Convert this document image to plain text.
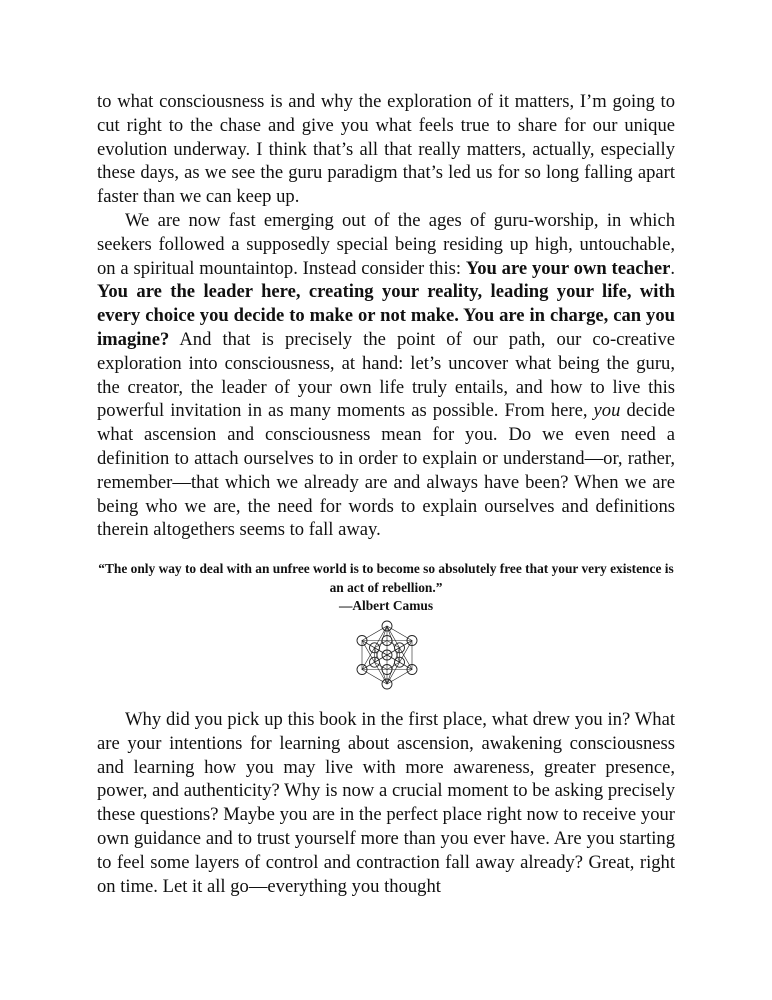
to what consciousness is and why the exploration of it matters, I’m going to cut right to the chase and give you what feels true to share for our unique evolution underway. I think that’s all that really matters, actually, especially these days, as we see the guru paradigm that’s led us for so long falling apart faster than we can keep up.

We are now fast emerging out of the ages of guru-worship, in which seekers followed a supposedly special being residing up high, untouchable, on a spiritual mountaintop. Instead consider this: You are your own teacher. You are the leader here, creating your reality, leading your life, with every choice you decide to make or not make. You are in charge, can you imagine? And that is precisely the point of our path, our co-creative exploration into consciousness, at hand: let’s uncover what being the guru, the creator, the leader of your own life truly entails, and how to live this powerful invitation in as many moments as possible. From here, you decide what ascension and consciousness mean for you. Do we even need a definition to attach ourselves to in order to explain or understand—or, rather, remember—that which we already are and always have been? When we are being who we are, the need for words to explain ourselves and definitions therein altogethers seems to fall away.

“The only way to deal with an unfree world is to become so absolutely free that your very existence is an act of rebellion.”

—Albert Camus

Why did you pick up this book in the first place, what drew you in? What are your intentions for learning about ascension, awakening consciousness and learning how you may live with more awareness, greater presence, power, and authenticity? Why is now a crucial moment to be asking precisely these questions? Maybe you are in the perfect place right now to receive your own guidance and to trust yourself more than you ever have. Are you starting to feel some layers of control and contraction fall away already? Great, right on time. Let it all go—everything you thought
